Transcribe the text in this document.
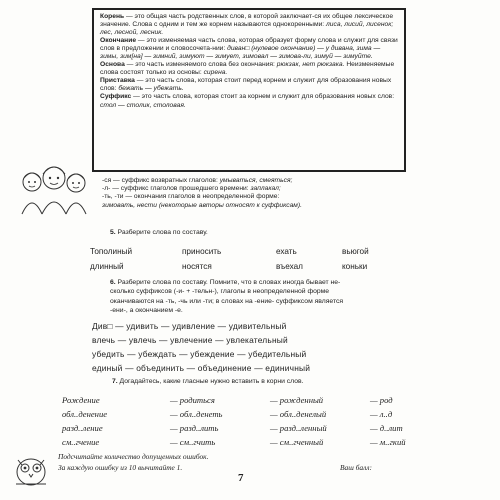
Корень — это общая часть родственных слов, в которой заключает-ся их общее лексическое значение. Слова с одним и тем же корнем называются однокоренными: лиса, лисий, лисенок; лес, лесной, лесник.

Окончание — это изменяемая часть слова, которая образует форму слова и служит для связи слов в предложении и словосочета-нии: диван□ (нулевое окончание) — у дивана, зима — зимы, зим[на] — зимний, зимуют — зимует, зимовал — зимова-ли, зимуй — зимуйте.

Основа — это часть изменяемого слова без окончания: рюкзак, нет рюкзака. Неизменяемые слова состоят только из основы: сирена.

Приставка — это часть слова, которая стоит перед корнем и служит для образования новых слов: бежать — убежать.

Суффикс — это часть слова, которая стоит за корнем и служит для образования новых слов: стол — столик, столовая.

-ся — суффикс возвратных глаголов: умываться, смеяться;

-л- — суффикс глаголов прошедшего времени: заплакал;

-ть, -ти — окончания глаголов в неопределенной форме:

зимовать, нести (некоторые авторы относят к суффиксам).

5. Разберите слова по составу.
Тополиный	приносить	ехать	вьюгой
длинный	носятся	въехал	коньки
6. Разберите слова по составу. Помните, что в словах иногда бывает не-
сколько суффиксов (-и- + -тельн-), глаголы в неопределенной форме
оканчиваются на -ть, -чь или -ти; в словах на -ение- суффиксом является
-ени-, а окончанием -е.
Див□ — удивить — удивление — удивительный
влечь — увлечь — увлечение — увлекательный
убедить — убеждать — убеждение — убедительный
единый — объединить — объединение — единичный
7. Догадайтесь, какие гласные нужно вставить в корни слов.
Рождение	— родиться	— рожденный	— род
обл..денение	— обл..денеть	— обл..денелый	— л..д
разд..ление	— разд..лить	— разд..ленный	— д..лит
см..гчение	— см..гчить	— см..гченный	— м..гкий
Подсчитайте количество допущенных ошибок.
За каждую ошибку из 10 вычитайте 1.	Ваш балл:
7
